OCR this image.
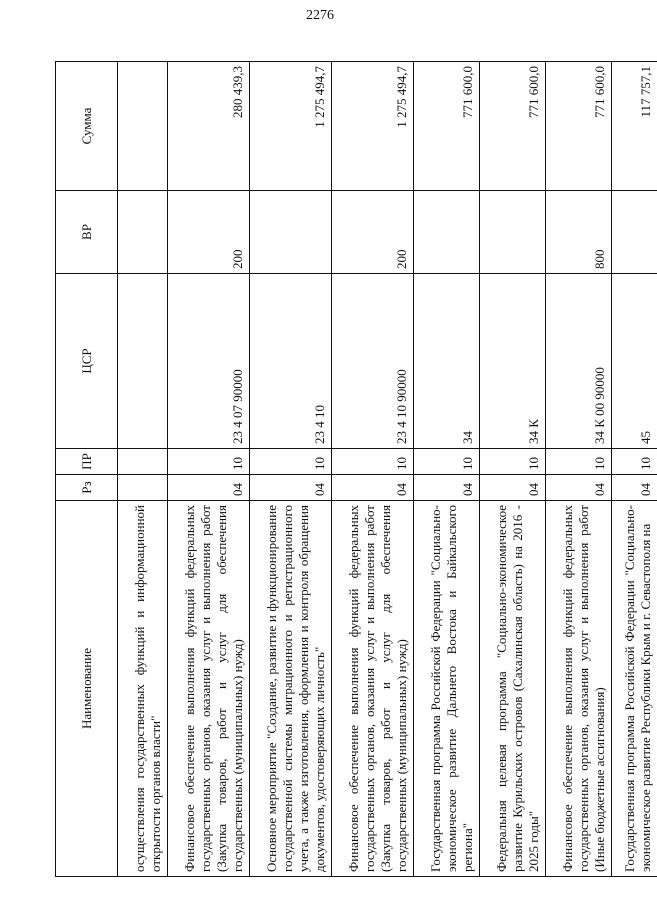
2276
Наименование	Рз	ПР	ЦСР	ВР	Сумма
осуществления государственных функций и информационной открытости органов власти"					
Финансовое обеспечение выполнения функций федеральных государственных органов, оказания услуг и выполнения работ (Закупка товаров, работ и услуг для обеспечения государственных (муниципальных) нужд)	04	10	23 4 07 90000	200	280 439,3
Основное мероприятие "Создание, развитие и функционирование государственной системы миграционного и регистрационного учета, а также изготовления, оформления и контроля обращения документов, удостоверяющих личность"	04	10	23 4 10		1 275 494,7
Финансовое обеспечение выполнения функций федеральных государственных органов, оказания услуг и выполнения работ (Закупка товаров, работ и услуг для обеспечения государственных (муниципальных) нужд)	04	10	23 4 10 90000	200	1 275 494,7
Государственная программа Российской Федерации "Социально-экономическое развитие Дальнего Востока и Байкальского региона"	04	10	34		771 600,0
Федеральная целевая программа "Социально-экономическое развитие Курильских островов (Сахалинская область) на 2016 - 2025 годы"	04	10	34 К		771 600,0
Финансовое обеспечение выполнения функций федеральных государственных органов, оказания услуг и выполнения работ (Иные бюджетные ассигнования)	04	10	34 К 00 90000	800	771 600,0
Государственная программа Российской Федерации "Социально-экономическое развитие Республики Крым и г. Севастополя на	04	10	45		117 757,1
